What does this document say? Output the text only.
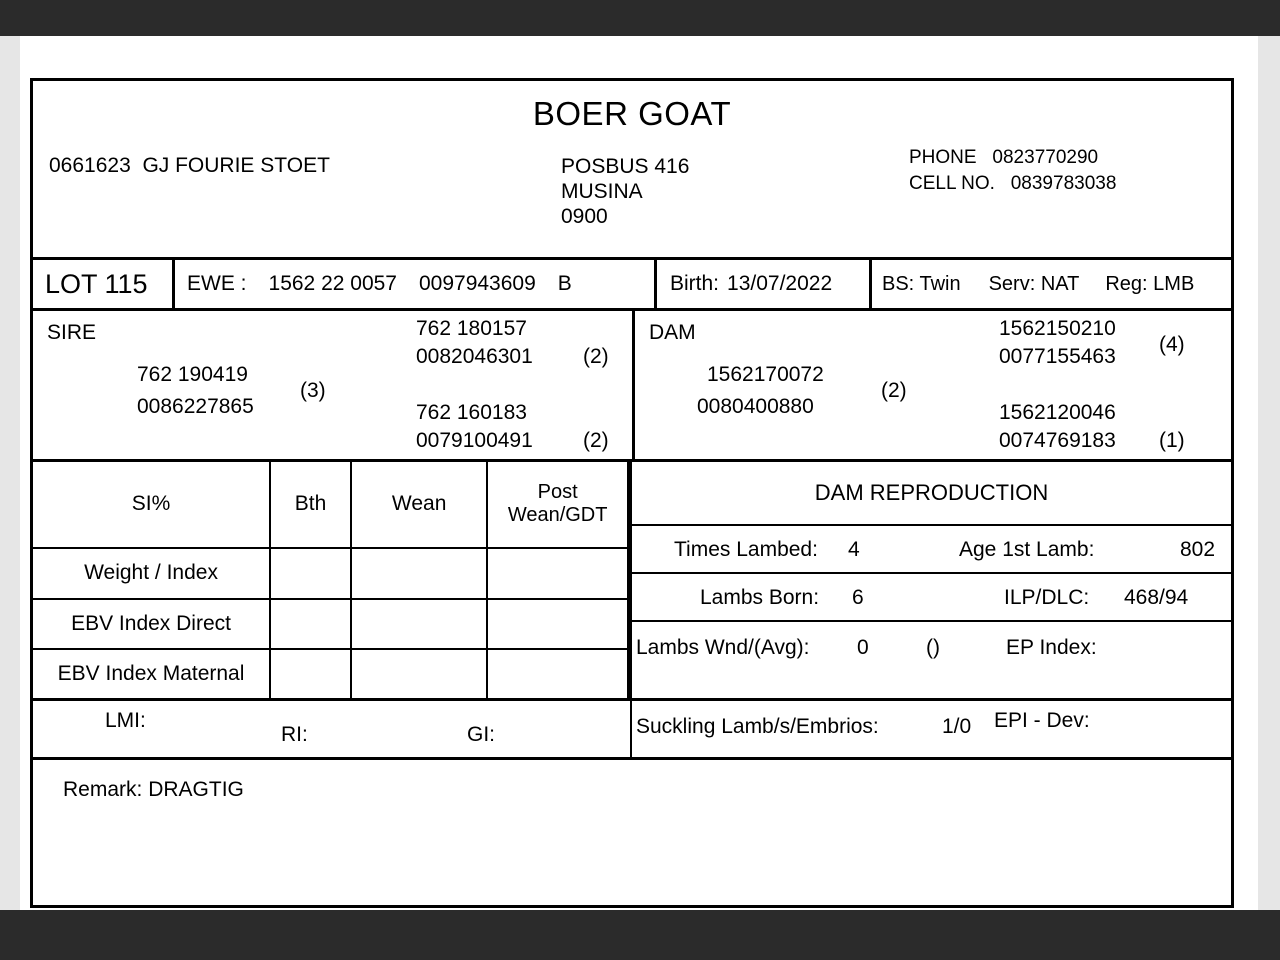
BOER GOAT
0661623 GJ FOURIE STOET	POSBUS 416
MUSINA
0900
PHONE 0823770290
CELL NO. 0839783038
LOT 115	EWE : 1562 22 0057 0097943609 B	Birth: 13/07/2022 BS: Twin Serv: NAT Reg: LMB
SIRE
762 190419
0086227865
(3)
762 180157
0082046301 (2)
762 160183
0079100491 (2)
DAM
1562170072
0080400880
(2)
1562150210
0077155463
(4)
1562120046
0074769183 (1)
SI%	Bth	Wean	Post
Wean/GDT

Weight / Index			
EBV Index Direct			
EBV Index Maternal			
DAM REPRODUCTION
Times Lambed: 4	Age 1st Lamb:	802
Lambs Born: 6	ILP/DLC: 468/94
Lambs Wnd/(Avg): 0	()	EP Index:
LMI:
RI:	GI:	Suckling Lamb/s/Embrios:	1/0 EPI - Dev:
Remark: DRAGTIG
